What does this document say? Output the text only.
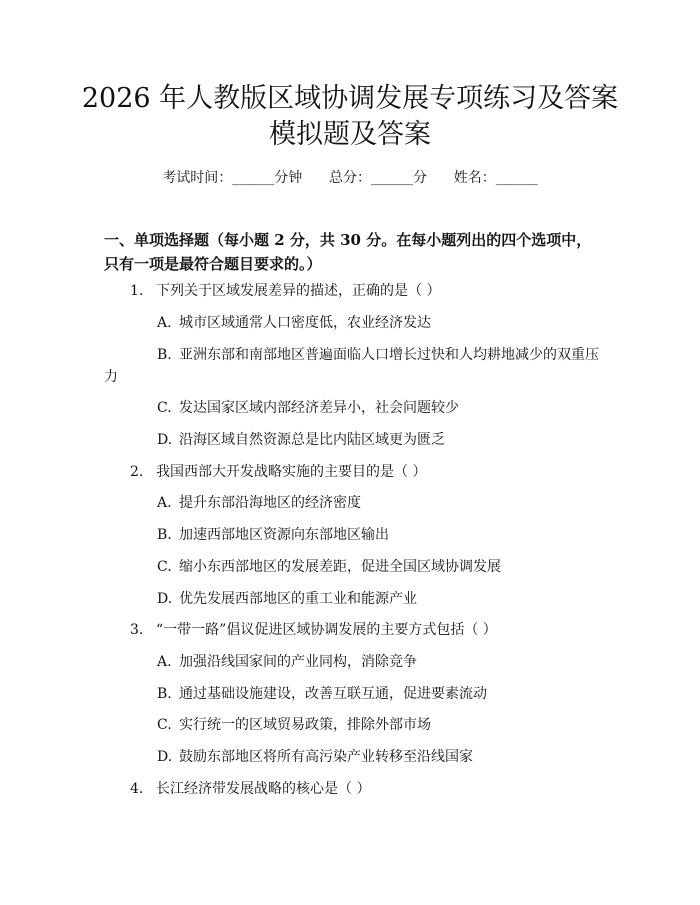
2026 年人教版区域协调发展专项练习及答案
模拟题及答案
考试时间：______分钟      总分：______分      姓名：______
一、单项选择题（每小题 2 分，共 30 分。在每小题列出的四个选项中，只有一项是最符合题目要求的。）
1. 下列关于区域发展差异的描述，正确的是（ ）
A. 城市区域通常人口密度低，农业经济发达
B. 亚洲东部和南部地区普遍面临人口增长过快和人均耕地减少的双重压
力
C. 发达国家区域内部经济差异小，社会问题较少
D. 沿海区域自然资源总是比内陆区域更为匮乏
2. 我国西部大开发战略实施的主要目的是（ ）
A. 提升东部沿海地区的经济密度
B. 加速西部地区资源向东部地区输出
C. 缩小东西部地区的发展差距，促进全国区域协调发展
D. 优先发展西部地区的重工业和能源产业
3. “一带一路”倡议促进区域协调发展的主要方式包括（ ）
A. 加强沿线国家间的产业同构，消除竞争
B. 通过基础设施建设，改善互联互通，促进要素流动
C. 实行统一的区域贸易政策，排除外部市场
D. 鼓励东部地区将所有高污染产业转移至沿线国家
4. 长江经济带发展战略的核心是（ ）
